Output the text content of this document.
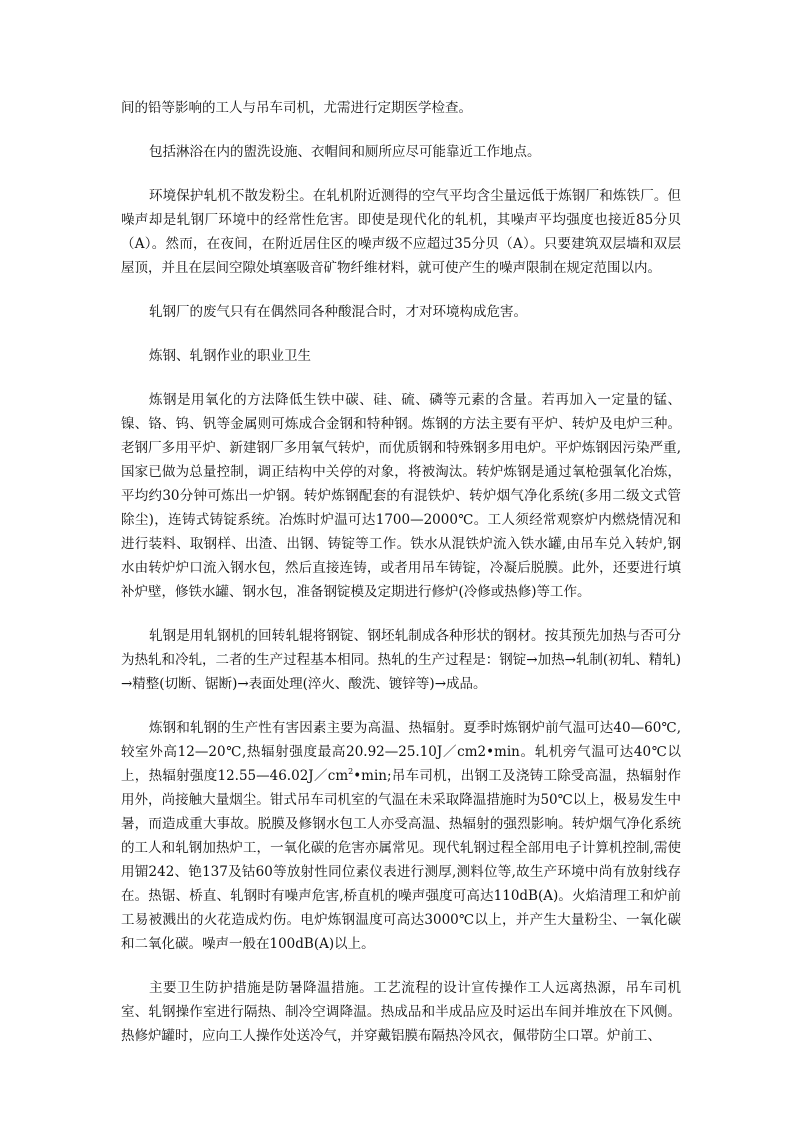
间的铅等影响的工人与吊车司机，尤需进行定期医学检查。

包括淋浴在内的盥洗设施、衣帽间和厕所应尽可能靠近工作地点。

环境保护轧机不散发粉尘。在轧机附近测得的空气平均含尘量远低于炼钢厂和炼铁厂。但噪声却是轧钢厂环境中的经常性危害。即使是现代化的轧机，其噪声平均强度也接近85分贝（A）。然而，在夜间，在附近居住区的噪声级不应超过35分贝（A）。只要建筑双层墙和双层屋顶，并且在层间空隙处填塞吸音矿物纤维材料，就可使产生的噪声限制在规定范围以内。

轧钢厂的废气只有在偶然同各种酸混合时，才对环境构成危害。

炼钢、轧钢作业的职业卫生

炼钢是用氧化的方法降低生铁中碳、硅、硫、磷等元素的含量。若再加入一定量的锰、镍、铬、钨、钒等金属则可炼成合金钢和特种钢。炼钢的方法主要有平炉、转炉及电炉三种。老钢厂多用平炉、新建钢厂多用氧气转炉，而优质钢和特殊钢多用电炉。平炉炼钢因污染严重,国家已做为总量控制，调正结构中关停的对象，将被淘汰。转炉炼钢是通过氧枪强氧化冶炼，平均约30分钟可炼出一炉钢。转炉炼钢配套的有混铁炉、转炉烟气净化系统(多用二级文式管除尘)，连铸式铸锭系统。冶炼时炉温可达1700—2000℃。工人须经常观察炉内燃烧情况和进行装料、取钢样、出渣、出钢、铸锭等工作。铁水从混铁炉流入铁水罐,由吊车兑入转炉,钢水由转炉炉口流入钢水包，然后直接连铸，或者用吊车铸锭，冷凝后脱膜。此外，还要进行填补炉壁，修铁水罐、钢水包，准备钢锭模及定期进行修炉(冷修或热修)等工作。

轧钢是用轧钢机的回转轧辊将钢锭、钢坯轧制成各种形状的钢材。按其预先加热与否可分为热轧和冷轧，二者的生产过程基本相同。热轧的生产过程是：钢锭→加热→轧制(初轧、精轧)→精整(切断、锯断)→表面处理(淬火、酸洗、镀锌等)→成品。

炼钢和轧钢的生产性有害因素主要为高温、热辐射。夏季时炼钢炉前气温可达40—60℃,较室外高12—20℃,热辐射强度最高20.92—25.10J／cm2•min。轧机旁气温可达40℃以上，热辐射强度$12.55—46.02J/cm^2•\min$;吊车司机，出钢工及浇铸工除受高温，热辐射作用外，尚接触大量烟尘。钳式吊车司机室的气温在未采取降温措施时为50℃以上，极易发生中暑，而造成重大事故。脱膜及修钢水包工人亦受高温、热辐射的强烈影响。转炉烟气净化系统的工人和轧钢加热炉工，一氧化碳的危害亦属常见。现代轧钢过程全部用电子计算机控制,需使用镅242、铯137及钴60等放射性同位素仪表进行测厚,测料位等,故生产环境中尚有放射线存在。热锯、桥直、轧钢时有噪声危害,桥直机的噪声强度可高达110dB(A)。火焰清理工和炉前工易被溅出的火花造成灼伤。电炉炼钢温度可高达3000℃以上，并产生大量粉尘、一氧化碳和二氧化碳。噪声一般在100dB(A)以上。

主要卫生防护措施是防暑降温措施。工艺流程的设计宣传操作工人远离热源，吊车司机室、轧钢操作室进行隔热、制冷空调降温。热成品和半成品应及时运出车间并堆放在下风侧。热修炉罐时，应向工人操作处送冷气，并穿戴铝膜布隔热冷风衣，佩带防尘口罩。炉前工、
